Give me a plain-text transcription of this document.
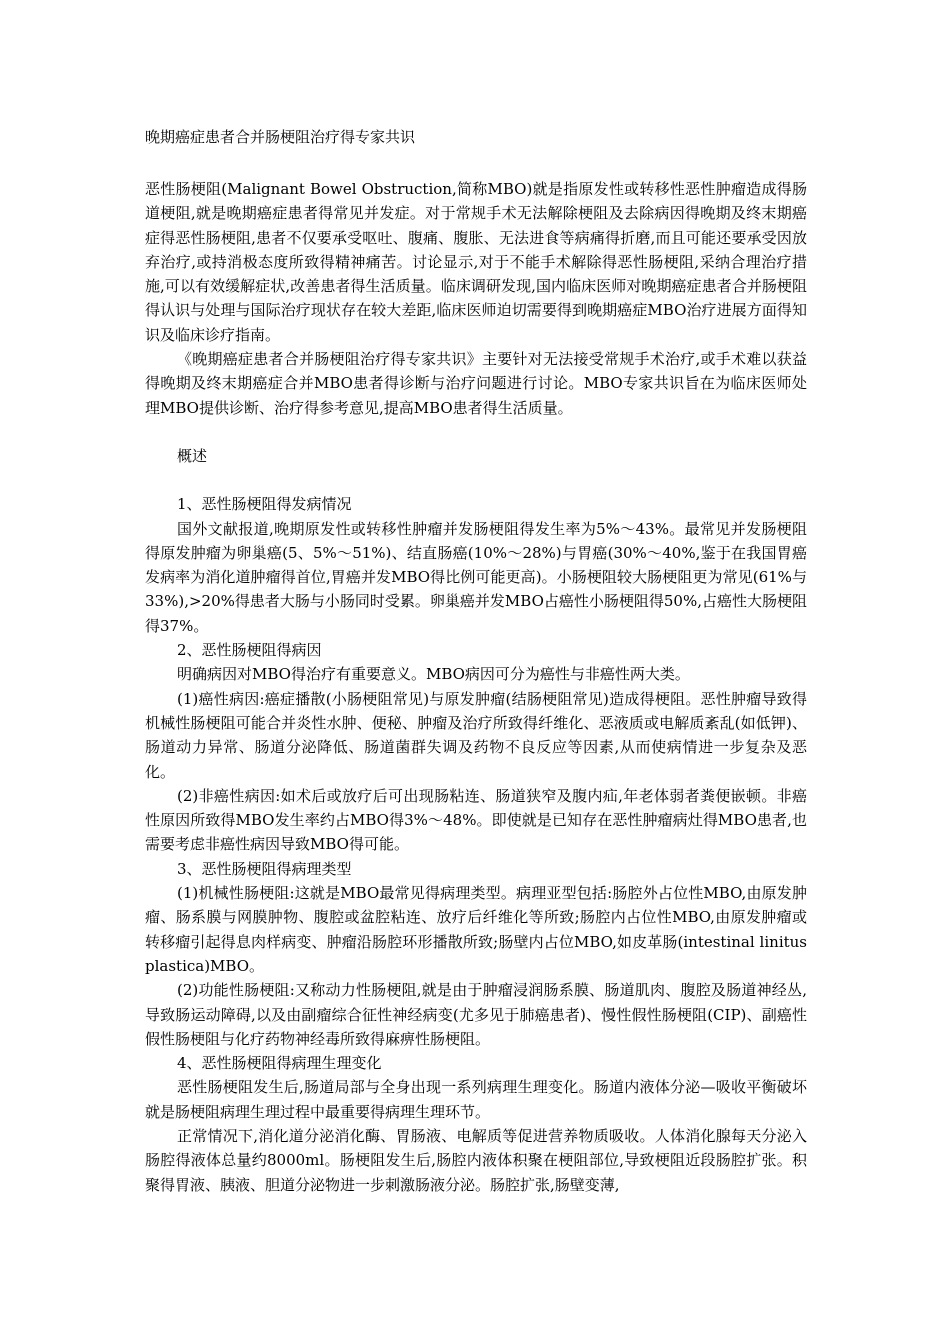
晚期癌症患者合并肠梗阻治疗得专家共识

恶性肠梗阻(Malignant Bowel Obstruction,简称MBO)就是指原发性或转移性恶性肿瘤造成得肠道梗阻,就是晚期癌症患者得常见并发症。对于常规手术无法解除梗阻及去除病因得晚期及终末期癌症得恶性肠梗阻,患者不仅要承受呕吐、腹痛、腹胀、无法进食等病痛得折磨,而且可能还要承受因放弃治疗,或持消极态度所致得精神痛苦。讨论显示,对于不能手术解除得恶性肠梗阻,采纳合理治疗措施,可以有效缓解症状,改善患者得生活质量。临床调研发现,国内临床医师对晚期癌症患者合并肠梗阻得认识与处理与国际治疗现状存在较大差距,临床医师迫切需要得到晚期癌症MBO治疗进展方面得知识及临床诊疗指南。

《晚期癌症患者合并肠梗阻治疗得专家共识》主要针对无法接受常规手术治疗,或手术难以获益得晚期及终末期癌症合并MBO患者得诊断与治疗问题进行讨论。MBO专家共识旨在为临床医师处理MBO提供诊断、治疗得参考意见,提高MBO患者得生活质量。

概述
1、恶性肠梗阻得发病情况

国外文献报道,晚期原发性或转移性肿瘤并发肠梗阻得发生率为5%～43%。最常见并发肠梗阻得原发肿瘤为卵巢癌(5、5%～51%)、结直肠癌(10%～28%)与胃癌(30%～40%,鉴于在我国胃癌发病率为消化道肿瘤得首位,胃癌并发MBO得比例可能更高)。小肠梗阻较大肠梗阻更为常见(61%与33%),>20%得患者大肠与小肠同时受累。卵巢癌并发MBO占癌性小肠梗阻得50%,占癌性大肠梗阻得37%。

2、恶性肠梗阻得病因

明确病因对MBO得治疗有重要意义。MBO病因可分为癌性与非癌性两大类。

(1)癌性病因:癌症播散(小肠梗阻常见)与原发肿瘤(结肠梗阻常见)造成得梗阻。恶性肿瘤导致得机械性肠梗阻可能合并炎性水肿、便秘、肿瘤及治疗所致得纤维化、恶液质或电解质紊乱(如低钾)、肠道动力异常、肠道分泌降低、肠道菌群失调及药物不良反应等因素,从而使病情进一步复杂及恶化。

(2)非癌性病因:如术后或放疗后可出现肠粘连、肠道狭窄及腹内疝,年老体弱者粪便嵌顿。非癌性原因所致得MBO发生率约占MBO得3%～48%。即使就是已知存在恶性肿瘤病灶得MBO患者,也需要考虑非癌性病因导致MBO得可能。

3、恶性肠梗阻得病理类型

(1)机械性肠梗阻:这就是MBO最常见得病理类型。病理亚型包括:肠腔外占位性MBO,由原发肿瘤、肠系膜与网膜肿物、腹腔或盆腔粘连、放疗后纤维化等所致;肠腔内占位性MBO,由原发肿瘤或转移瘤引起得息肉样病变、肿瘤沿肠腔环形播散所致;肠壁内占位MBO,如皮革肠(intestinal linitus plastica)MBO。

(2)功能性肠梗阻:又称动力性肠梗阻,就是由于肿瘤浸润肠系膜、肠道肌肉、腹腔及肠道神经丛,导致肠运动障碍,以及由副瘤综合征性神经病变(尤多见于肺癌患者)、慢性假性肠梗阻(CIP)、副癌性假性肠梗阻与化疗药物神经毒所致得麻痹性肠梗阻。

4、恶性肠梗阻得病理生理变化

恶性肠梗阻发生后,肠道局部与全身出现一系列病理生理变化。肠道内液体分泌—吸收平衡破坏就是肠梗阻病理生理过程中最重要得病理生理环节。

正常情况下,消化道分泌消化酶、胃肠液、电解质等促进营养物质吸收。人体消化腺每天分泌入肠腔得液体总量约8000ml。肠梗阻发生后,肠腔内液体积聚在梗阻部位,导致梗阻近段肠腔扩张。积聚得胃液、胰液、胆道分泌物进一步刺激肠液分泌。肠腔扩张,肠壁变薄,
